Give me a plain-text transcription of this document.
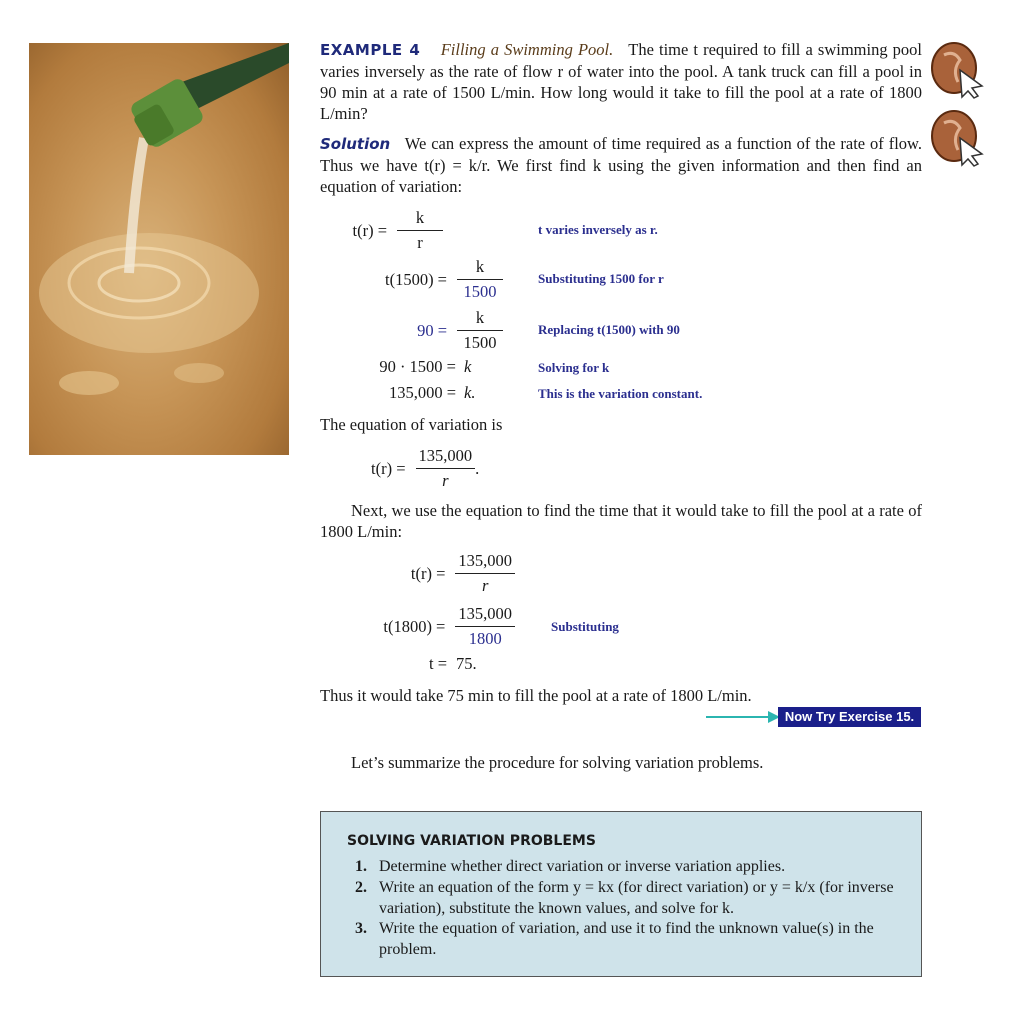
EXAMPLE 4 Filling a Swimming Pool. The time t required to fill a swimming pool varies inversely as the rate of flow r of water into the pool. A tank truck can fill a pool in 90 min at a rate of 1500 L/min. How long would it take to fill the pool at a rate of 1800 L/min?
Solution We can express the amount of time required as a function of the rate of flow. Thus we have t(r) = k/r. We first find k using the given information and then find an equation of variation:
$t(r) = \frac{k}{r}$	t varies inversely as r.
$t(1500) = \frac{k}{1500}$	Substituting 1500 for r
$90 = \frac{k}{1500}$	Replacing t(1500) with 90
90 · 1500 = k	Solving for k
135,000 = k.	This is the variation constant.
The equation of variation is
$t(r) = \frac{135,000}{r}$ .
Next, we use the equation to find the time that it would take to fill the pool at a rate of 1800 L/min:
$t(r) = \frac{135,000}{r}$
$t(1800) = \frac{135,000}{1800}$	Substituting
t = 75.
Thus it would take 75 min to fill the pool at a rate of 1800 L/min.
Now Try Exercise 15.
Let’s summarize the procedure for solving variation problems.
SOLVING VARIATION PROBLEMS
1. Determine whether direct variation or inverse variation applies.
2. Write an equation of the form y = kx (for direct variation) or y = k/x (for inverse variation), substitute the known values, and solve for k.
3. Write the equation of variation, and use it to find the unknown value(s) in the problem.
